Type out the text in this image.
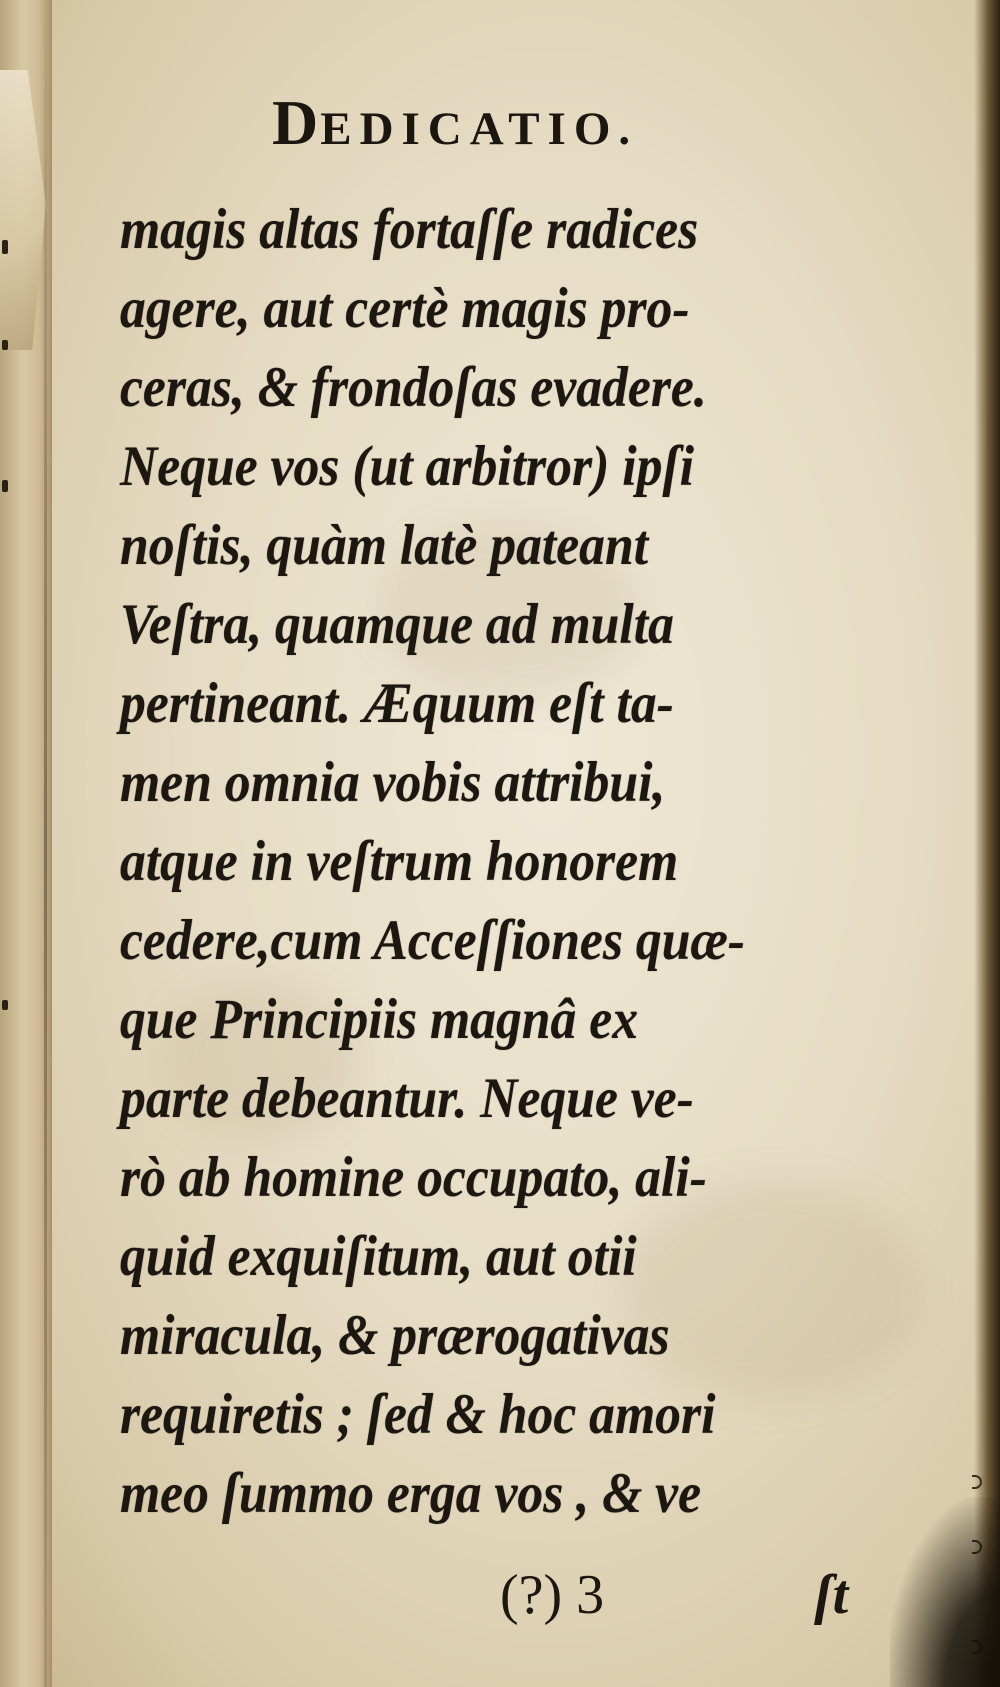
DEDICATIO.
magis altas fortaſſe radices
agere, aut certè magis pro-
ceras, & frondoſas evadere.
Neque vos (ut arbitror) ipſi
noſtis, quàm latè pateant
Veſtra, quamque ad multa
pertineant. Æquum eſt ta-
men omnia vobis attribui,
atque in veſtrum honorem
cedere,cum Acceſſiones quæ-
que Principiis magnâ ex
parte debeantur. Neque ve-
rò ab homine occupato, ali-
quid exquiſitum, aut otii
miracula, & prærogativas
requiretis ; ſed & hoc amori
meo ſummo erga vos , & ve
(?) 3	ſt
